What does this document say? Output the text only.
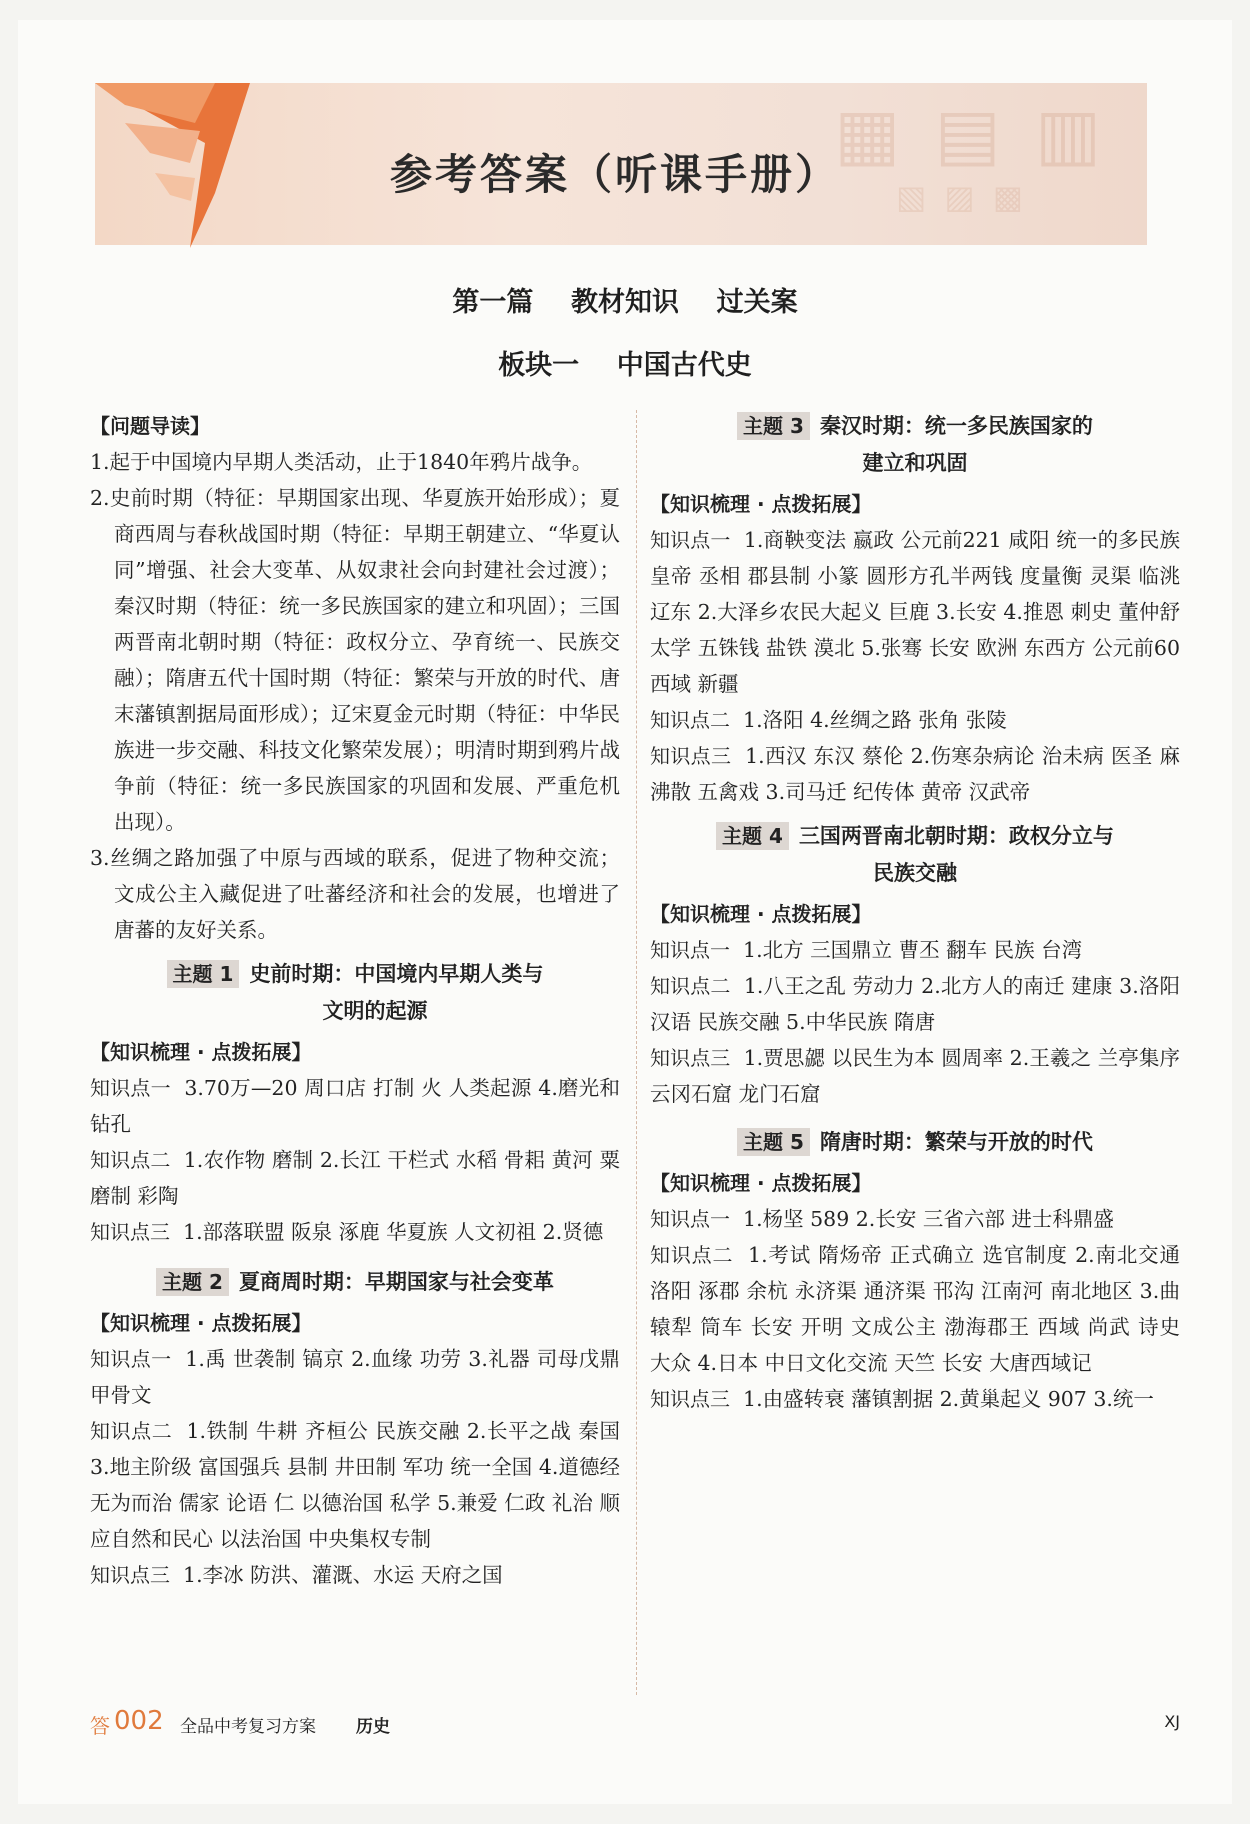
▦ ▤ ▥
▧ ▨ ▩
参考答案（听课手册）
第一篇    教材知识    过关案
板块一    中国古代史
【问题导读】
1.起于中国境内早期人类活动，止于1840年鸦片战争。
2.史前时期（特征：早期国家出现、华夏族开始形成）；夏商西周与春秋战国时期（特征：早期王朝建立、“华夏认同”增强、社会大变革、从奴隶社会向封建社会过渡）；秦汉时期（特征：统一多民族国家的建立和巩固）；三国两晋南北朝时期（特征：政权分立、孕育统一、民族交融）；隋唐五代十国时期（特征：繁荣与开放的时代、唐末藩镇割据局面形成）；辽宋夏金元时期（特征：中华民族进一步交融、科技文化繁荣发展）；明清时期到鸦片战争前（特征：统一多民族国家的巩固和发展、严重危机出现）。
3.丝绸之路加强了中原与西域的联系，促进了物种交流；文成公主入藏促进了吐蕃经济和社会的发展，也增进了唐蕃的友好关系。
主题 1 史前时期：中国境内早期人类与
文明的起源
【知识梳理 · 点拨拓展】
知识点一 3.70万—20 周口店 打制 火 人类起源 4.磨光和钻孔
知识点二 1.农作物 磨制 2.长江 干栏式 水稻 骨耜 黄河 粟 磨制 彩陶
知识点三 1.部落联盟 阪泉 涿鹿 华夏族 人文初祖 2.贤德
主题 2 夏商周时期：早期国家与社会变革
【知识梳理 · 点拨拓展】
知识点一 1.禹 世袭制 镐京 2.血缘 功劳 3.礼器 司母戊鼎 甲骨文
知识点二 1.铁制 牛耕 齐桓公 民族交融 2.长平之战 秦国 3.地主阶级 富国强兵 县制 井田制 军功 统一全国 4.道德经 无为而治 儒家 论语 仁 以德治国 私学 5.兼爱 仁政 礼治 顺应自然和民心 以法治国 中央集权专制
知识点三 1.李冰 防洪、灌溉、水运 天府之国
主题 3 秦汉时期：统一多民族国家的
建立和巩固
【知识梳理 · 点拨拓展】
知识点一 1.商鞅变法 嬴政 公元前221 咸阳 统一的多民族 皇帝 丞相 郡县制 小篆 圆形方孔半两钱 度量衡 灵渠 临洮 辽东 2.大泽乡农民大起义 巨鹿 3.长安 4.推恩 刺史 董仲舒 太学 五铢钱 盐铁 漠北 5.张骞 长安 欧洲 东西方 公元前60 西域 新疆
知识点二 1.洛阳 4.丝绸之路 张角 张陵
知识点三 1.西汉 东汉 蔡伦 2.伤寒杂病论 治未病 医圣 麻沸散 五禽戏 3.司马迁 纪传体 黄帝 汉武帝
主题 4 三国两晋南北朝时期：政权分立与
民族交融
【知识梳理 · 点拨拓展】
知识点一 1.北方 三国鼎立 曹丕 翻车 民族 台湾
知识点二 1.八王之乱 劳动力 2.北方人的南迁 建康 3.洛阳 汉语 民族交融 5.中华民族 隋唐
知识点三 1.贾思勰 以民生为本 圆周率 2.王羲之 兰亭集序 云冈石窟 龙门石窟
主题 5 隋唐时期：繁荣与开放的时代
【知识梳理 · 点拨拓展】
知识点一 1.杨坚 589 2.长安 三省六部 进士科鼎盛
知识点二 1.考试 隋炀帝 正式确立 选官制度 2.南北交通 洛阳 涿郡 余杭 永济渠 通济渠 邗沟 江南河 南北地区 3.曲辕犁 筒车 长安 开明 文成公主 渤海郡王 西域 尚武 诗史 大众 4.日本 中日文化交流 天竺 长安 大唐西域记
知识点三 1.由盛转衰 藩镇割据 2.黄巢起义 907 3.统一
答 002 全品中考复习方案 历史	XJ
